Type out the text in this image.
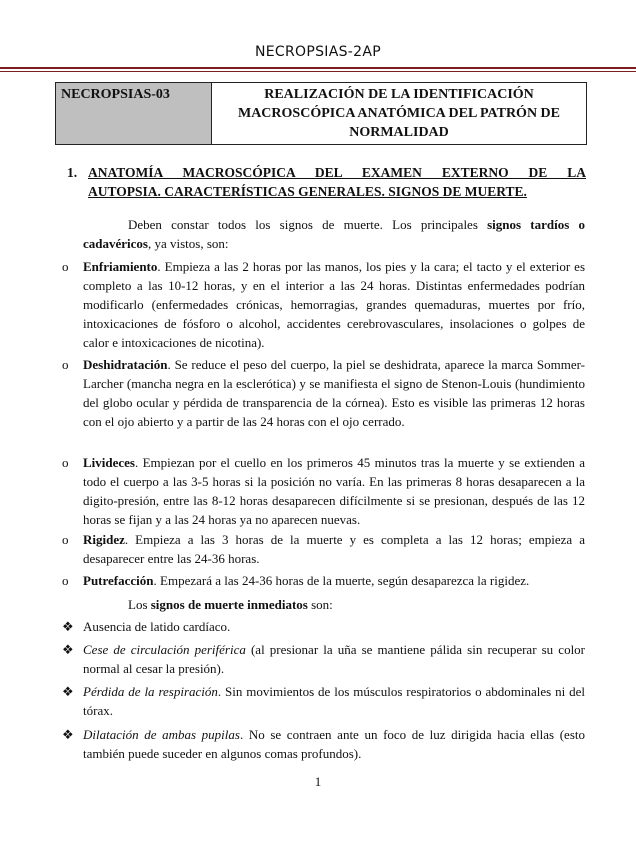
NECROPSIAS-2AP
NECROPSIAS-03	REALIZACIÓN DE LA IDENTIFICACIÓN MACROSCÓPICA ANATÓMICA DEL PATRÓN DE NORMALIDAD
1. ANATOMÍA MACROSCÓPICA DEL EXAMEN EXTERNO DE LA
AUTOPSIA. CARACTERÍSTICAS GENERALES. SIGNOS DE MUERTE.
Deben constar todos los signos de muerte. Los principales signos tardíos o cadavéricos, ya vistos, son:
o Enfriamiento. Empieza a las 2 horas por las manos, los pies y la cara; el tacto y el exterior es completo a las 10-12 horas, y en el interior a las 24 horas. Distintas enfermedades podrían modificarlo (enfermedades crónicas, hemorragias, grandes quemaduras, muertes por frío, intoxicaciones de fósforo o alcohol, accidentes cerebrovasculares, insolaciones o golpes de calor e intoxicaciones de nicotina).
o Deshidratación. Se reduce el peso del cuerpo, la piel se deshidrata, aparece la marca Sommer-Larcher (mancha negra en la esclerótica) y se manifiesta el signo de Stenon-Louis (hundimiento del globo ocular y pérdida de transparencia de la córnea). Esto es visible las primeras 12 horas con el ojo abierto y a partir de las 24 horas con el ojo cerrado.
o Livideces. Empiezan por el cuello en los primeros 45 minutos tras la muerte y se extienden a todo el cuerpo a las 3-5 horas si la posición no varía. En las primeras 8 horas desaparecen a la digito-presión, entre las 8-12 horas desaparecen difícilmente si se presionan, después de las 12 horas se fijan y a las 24 horas ya no aparecen nuevas.
o Rigidez. Empieza a las 3 horas de la muerte y es completa a las 12 horas; empieza a desaparecer entre las 24-36 horas.
o Putrefacción. Empezará a las 24-36 horas de la muerte, según desaparezca la rigidez.
Los signos de muerte inmediatos son:
❖ Ausencia de latido cardíaco.
❖ Cese de circulación periférica (al presionar la uña se mantiene pálida sin recuperar su color normal al cesar la presión).
❖ Pérdida de la respiración. Sin movimientos de los músculos respiratorios o abdominales ni del tórax.
❖ Dilatación de ambas pupilas. No se contraen ante un foco de luz dirigida hacia ellas (esto también puede suceder en algunos comas profundos).
1
